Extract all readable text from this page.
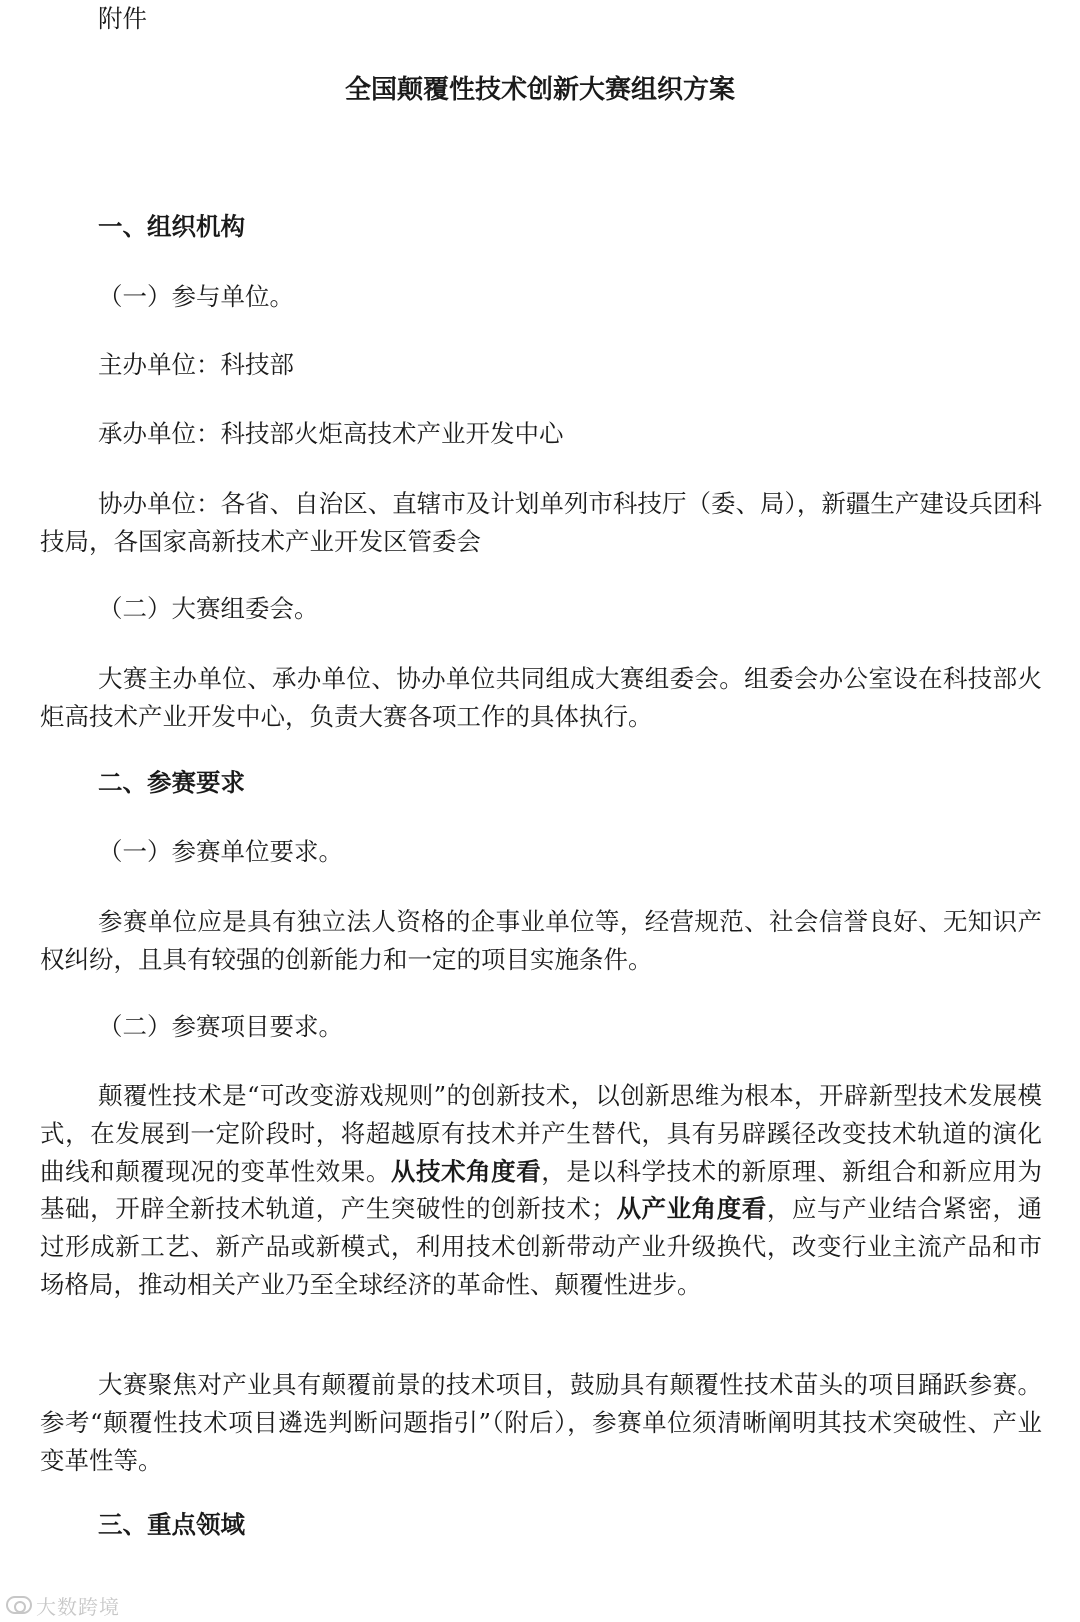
附件

全国颠覆性技术创新大赛组织方案

一、组织机构

（一）参与单位。

主办单位：科技部

承办单位：科技部火炬高技术产业开发中心

协办单位：各省、自治区、直辖市及计划单列市科技厅（委、局），新疆生产建设兵团科技局，各国家高新技术产业开发区管委会

（二）大赛组委会。

大赛主办单位、承办单位、协办单位共同组成大赛组委会。组委会办公室设在科技部火炬高技术产业开发中心，负责大赛各项工作的具体执行。

二、参赛要求

（一）参赛单位要求。

参赛单位应是具有独立法人资格的企事业单位等，经营规范、社会信誉良好、无知识产权纠纷，且具有较强的创新能力和一定的项目实施条件。

（二）参赛项目要求。

颠覆性技术是“可改变游戏规则”的创新技术，以创新思维为根本，开辟新型技术发展模式，在发展到一定阶段时，将超越原有技术并产生替代，具有另辟蹊径改变技术轨道的演化曲线和颠覆现况的变革性效果。从技术角度看，是以科学技术的新原理、新组合和新应用为基础，开辟全新技术轨道，产生突破性的创新技术；从产业角度看，应与产业结合紧密，通过形成新工艺、新产品或新模式，利用技术创新带动产业升级换代，改变行业主流产品和市场格局，推动相关产业乃至全球经济的革命性、颠覆性进步。

大赛聚焦对产业具有颠覆前景的技术项目，鼓励具有颠覆性技术苗头的项目踊跃参赛。参考“颠覆性技术项目遴选判断问题指引”（附后），参赛单位须清晰阐明其技术突破性、产业变革性等。

三、重点领域

大数跨境
